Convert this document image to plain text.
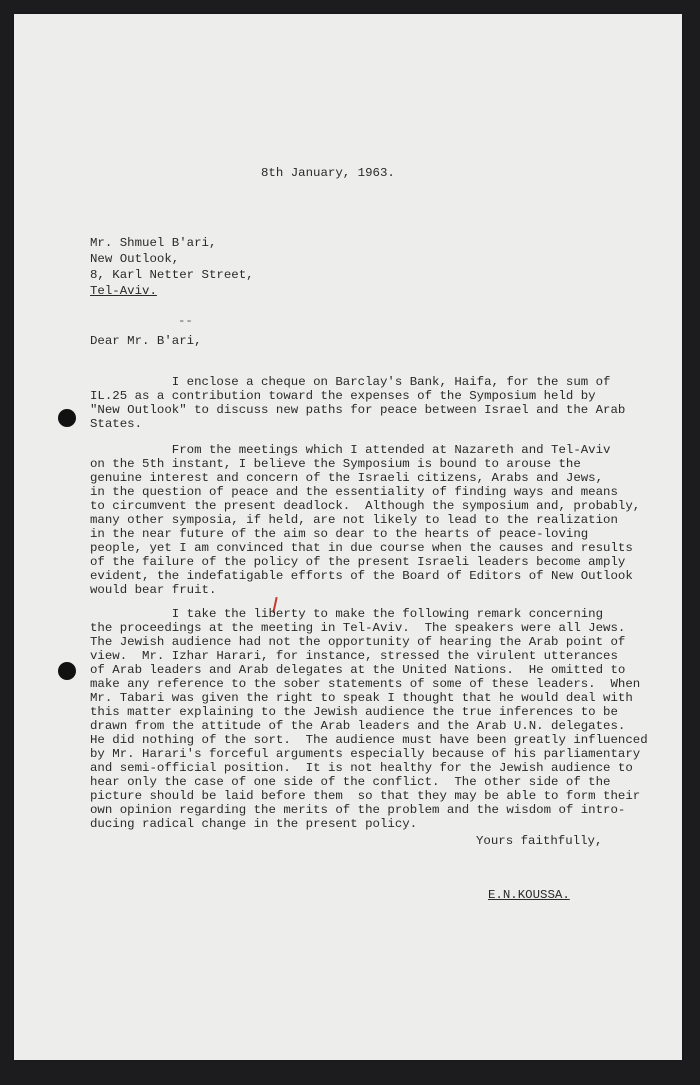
8th January, 1963.
Mr. Shmuel B'ari,
New Outlook,
8, Karl Netter Street,
Tel-Aviv.
--
Dear Mr. B'ari,
I enclose a cheque on Barclay's Bank, Haifa, for the sum of
IL.25 as a contribution toward the expenses of the Symposium held by
"New Outlook" to discuss new paths for peace between Israel and the Arab
States.
From the meetings which I attended at Nazareth and Tel-Aviv
on the 5th instant, I believe the Symposium is bound to arouse the
genuine interest and concern of the Israeli citizens, Arabs and Jews,
in the question of peace and the essentiality of finding ways and means
to circumvent the present deadlock.  Although the symposium and, probably,
many other symposia, if held, are not likely to lead to the realization
in the near future of the aim so dear to the hearts of peace-loving
people, yet I am convinced that in due course when the causes and results
of the failure of the policy of the present Israeli leaders become amply
evident, the indefatigable efforts of the Board of Editors of New Outlook
would bear fruit.
I take the liberty to make the following remark concerning
the proceedings at the meeting in Tel-Aviv.  The speakers were all Jews.
The Jewish audience had not the opportunity of hearing the Arab point of
view.  Mr. Izhar Harari, for instance, stressed the virulent utterances
of Arab leaders and Arab delegates at the United Nations.  He omitted to
make any reference to the sober statements of some of these leaders.  When
Mr. Tabari was given the right to speak I thought that he would deal with
this matter explaining to the Jewish audience the true inferences to be
drawn from the attitude of the Arab leaders and the Arab U.N. delegates.
He did nothing of the sort.  The audience must have been greatly influenced
by Mr. Harari's forceful arguments especially because of his parliamentary
and semi-official position.  It is not healthy for the Jewish audience to
hear only the case of one side of the conflict.  The other side of the
picture should be laid before them  so that they may be able to form their
own opinion regarding the merits of the problem and the wisdom of intro-
ducing radical change in the present policy.
Yours faithfully,
E.N.KOUSSA.
